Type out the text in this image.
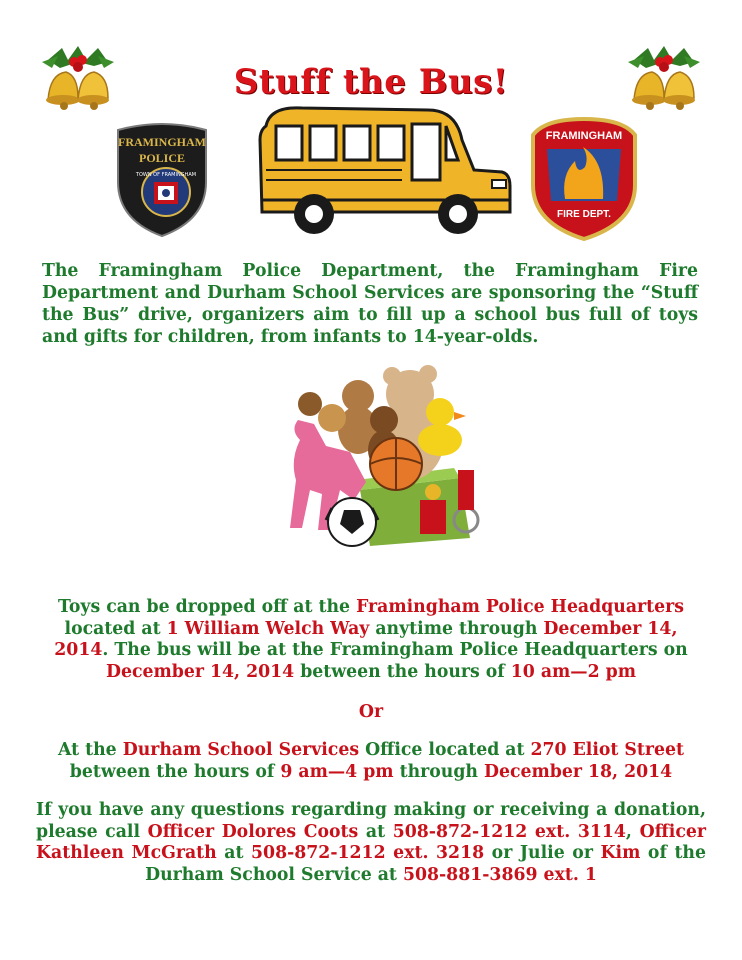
Stuff the Bus!
FRAMINGHAM
POLICE
TOWN OF FRAMINGHAM
FRAMINGHAM
FIRE DEPT.
The Framingham Police Department, the Framingham Fire Department and Durham School Services are sponsoring the “Stuff the Bus” drive, organizers aim to fill up a school bus full of toys and gifts for children, from infants to 14-year-olds.
Toys can be dropped off at the Framingham Police Headquarters located at 1 William Welch Way anytime through December 14, 2014. The bus will be at the Framingham Police Headquarters on December 14, 2014 between the hours of 10 am—2 pm
Or
At the Durham School Services Office located at 270 Eliot Street between the hours of 9 am—4 pm through December 18, 2014
If you have any questions regarding making or receiving a donation, please call Officer Dolores Coots at 508-872-1212 ext. 3114, Officer Kathleen McGrath at 508-872-1212 ext. 3218 or Julie or Kim of the Durham School Service at 508-881-3869 ext. 1
